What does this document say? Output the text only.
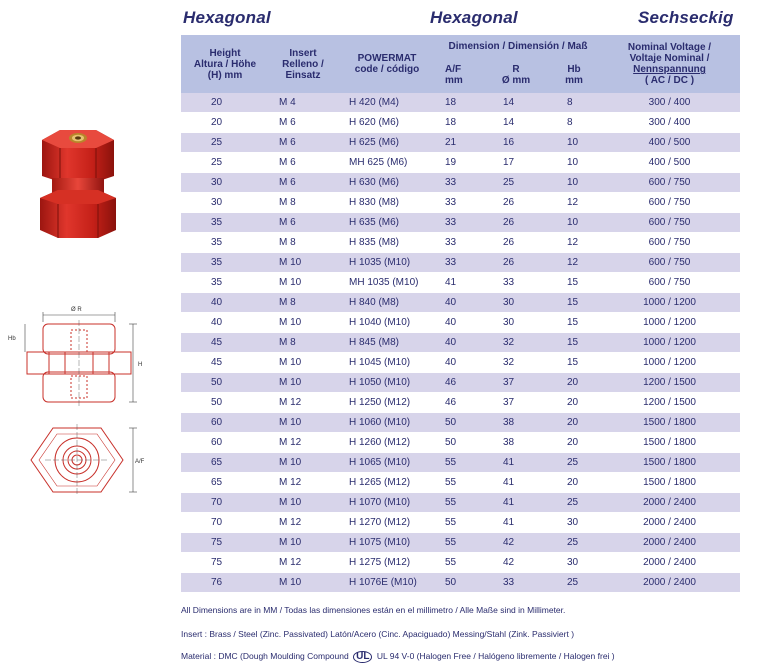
Hexagonal	Hexagonal	Sechseckig
Ø R
Hb
H
A/F
Height
Altura / Höhe
(H) mm	Insert
Relleno /
Einsatz	POWERMAT
code / código	Dimension / Dimensión / Maß			Nominal Voltage /
Voltaje Nominal /
Nennspannung
( AC / DC )
			A/F
mm	R
Ø mm	Hb
mm	
20	M 4	H 420 (M4)	18	14	8	300 / 400
20	M 6	H 620 (M6)	18	14	8	300 / 400
25	M 6	H 625 (M6)	21	16	10	400 / 500
25	M 6	MH 625 (M6)	19	17	10	400 / 500
30	M 6	H 630 (M6)	33	25	10	600 / 750
30	M 8	H 830 (M8)	33	26	12	600 / 750
35	M 6	H 635 (M6)	33	26	10	600 / 750
35	M 8	H 835 (M8)	33	26	12	600 / 750
35	M 10	H 1035 (M10)	33	26	12	600 / 750
35	M 10	MH 1035 (M10)	41	33	15	600 / 750
40	M 8	H 840 (M8)	40	30	15	1000 / 1200
40	M 10	H 1040 (M10)	40	30	15	1000 / 1200
45	M 8	H 845 (M8)	40	32	15	1000 / 1200
45	M 10	H 1045 (M10)	40	32	15	1000 / 1200
50	M 10	H 1050 (M10)	46	37	20	1200 / 1500
50	M 12	H 1250 (M12)	46	37	20	1200 / 1500
60	M 10	H 1060 (M10)	50	38	20	1500 / 1800
60	M 12	H 1260 (M12)	50	38	20	1500 / 1800
65	M 10	H 1065 (M10)	55	41	25	1500 / 1800
65	M 12	H 1265 (M12)	55	41	20	1500 / 1800
70	M 10	H 1070 (M10)	55	41	25	2000 / 2400
70	M 12	H 1270 (M12)	55	41	30	2000 / 2400
75	M 10	H 1075 (M10)	55	42	25	2000 / 2400
75	M 12	H 1275 (M12)	55	42	30	2000 / 2400
76	M 10	H 1076E (M10)	50	33	25	2000 / 2400
All Dimensions are in MM / Todas las dimensiones están en el millimetro / Alle Maße sind in Millimeter.
Insert : Brass / Steel (Zinc. Passivated) Latón/Acero (Cinc. Apaciguado) Messing/Stahl (Zink. Passiviert )
Material : DMC (Dough Moulding Compound UL UL 94 V-0 (Halogen Free / Halógeno libremente / Halogen frei )
